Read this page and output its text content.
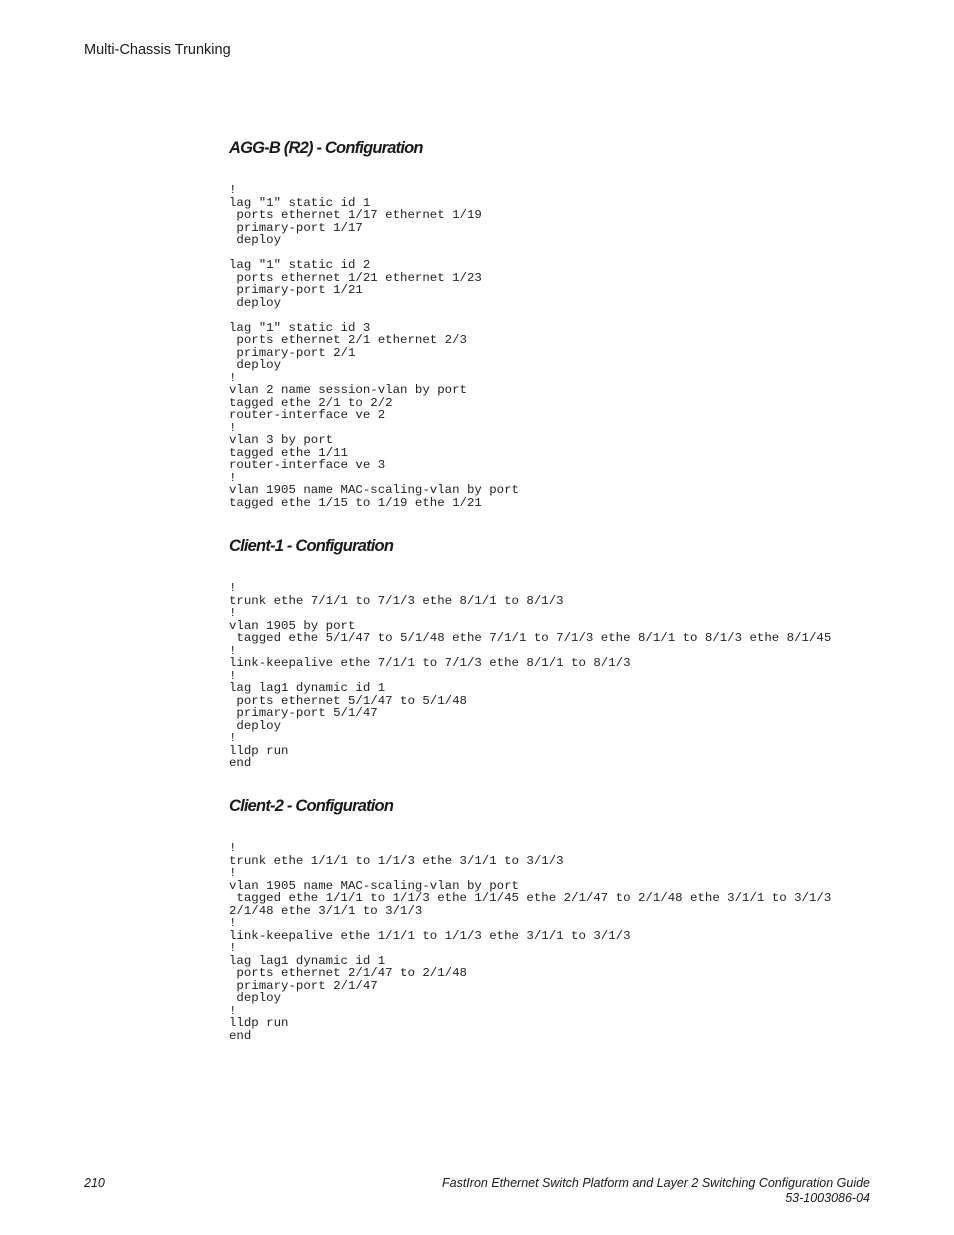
Multi-Chassis Trunking
AGG-B (R2) - Configuration
!
lag "1" static id 1
ports ethernet 1/17 ethernet 1/19
primary-port 1/17
deploy

lag "1" static id 2
ports ethernet 1/21 ethernet 1/23
primary-port 1/21
deploy

lag "1" static id 3
ports ethernet 2/1 ethernet 2/3
primary-port 2/1
deploy
!
vlan 2 name session-vlan by port
tagged ethe 2/1 to 2/2
router-interface ve 2
!
vlan 3 by port
tagged ethe 1/11
router-interface ve 3
!
vlan 1905 name MAC-scaling-vlan by port
tagged ethe 1/15 to 1/19 ethe 1/21
Client-1 - Configuration
!
trunk ethe 7/1/1 to 7/1/3 ethe 8/1/1 to 8/1/3
!
vlan 1905 by port
tagged ethe 5/1/47 to 5/1/48 ethe 7/1/1 to 7/1/3 ethe 8/1/1 to 8/1/3 ethe 8/1/45
!
link-keepalive ethe 7/1/1 to 7/1/3 ethe 8/1/1 to 8/1/3
!
lag lag1 dynamic id 1
ports ethernet 5/1/47 to 5/1/48
primary-port 5/1/47
deploy
!
lldp run
end
Client-2 - Configuration
!
trunk ethe 1/1/1 to 1/1/3 ethe 3/1/1 to 3/1/3
!
vlan 1905 name MAC-scaling-vlan by port
tagged ethe 1/1/1 to 1/1/3 ethe 1/1/45 ethe 2/1/47 to 2/1/48 ethe 3/1/1 to 3/1/3
2/1/48 ethe 3/1/1 to 3/1/3
!
link-keepalive ethe 1/1/1 to 1/1/3 ethe 3/1/1 to 3/1/3
!
lag lag1 dynamic id 1
ports ethernet 2/1/47 to 2/1/48
primary-port 2/1/47
deploy
!
lldp run
end
210	FastIron Ethernet Switch Platform and Layer 2 Switching Configuration Guide
53-1003086-04
